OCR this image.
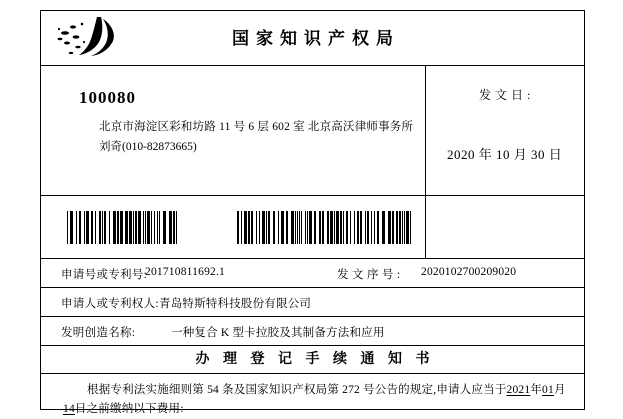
国家知识产权局
100080
北京市海淀区彩和坊路 11 号 6 层 602 室 北京高沃律师事务所
刘奇(010-82873665)
发 文 日 :
2020 年 10 月 30 日
申请号或专利号:
201710811692.1	发 文 序 号 : 2020102700209020
申请人或专利权人: 青岛特斯特科技股份有限公司
发明创造名称:	一种复合 K 型卡拉胶及其制备方法和应用
办 理 登 记 手 续 通 知 书
根据专利法实施细则第 54 条及国家知识产权局第 272 号公告的规定,申请人应当于2021年01月14日之前缴纳以下费用:
